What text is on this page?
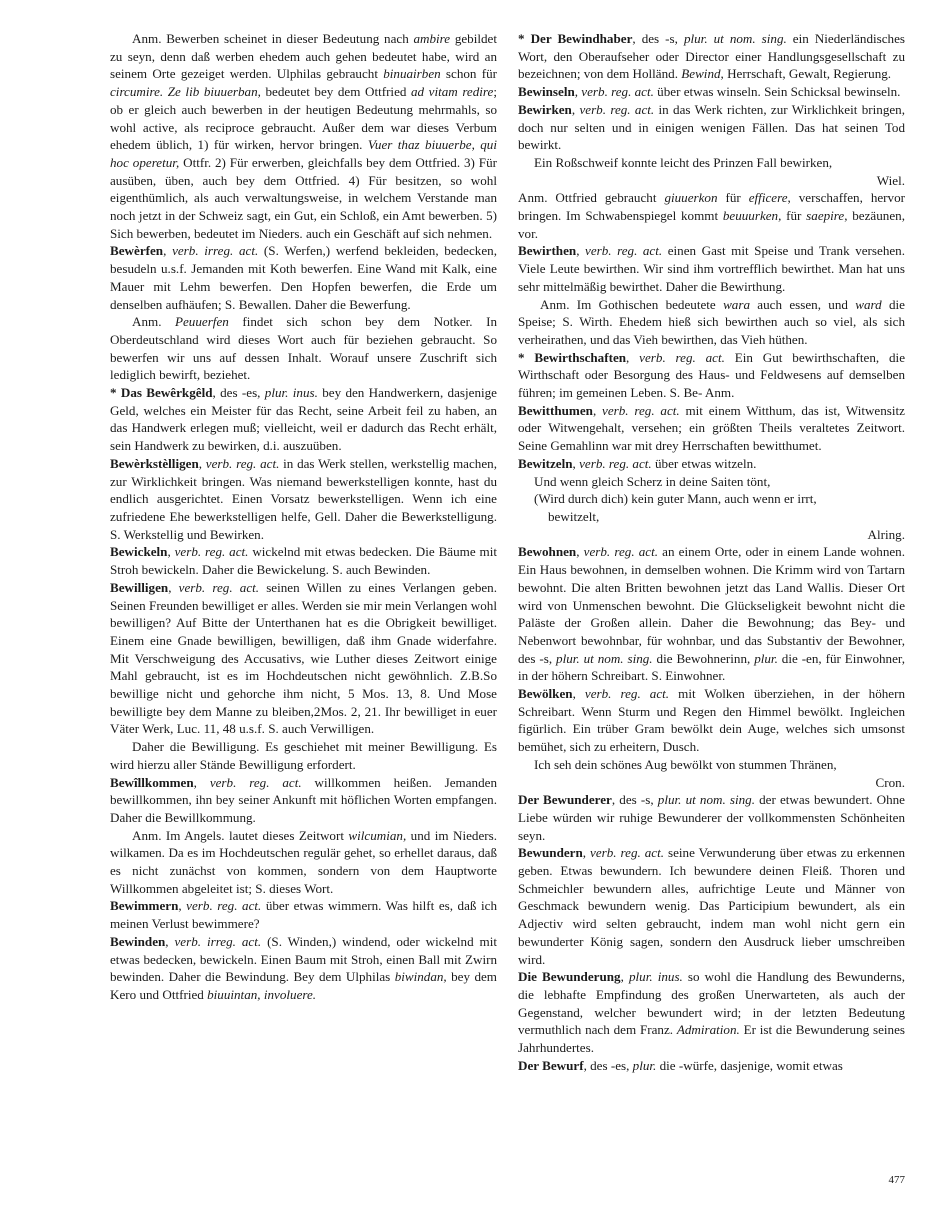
Anm. Bewerben scheinet in dieser Bedeutung nach ambire gebildet zu seyn, denn daß werben ehedem auch gehen bedeutet habe, wird an seinem Orte gezeiget werden. Ulphilas gebraucht binuairben schon für circumire. Ze lib biuuerban, bedeutet bey dem Ottfried ad vitam redire; ob er gleich auch bewerben in der heutigen Bedeutung mehrmahls, so wohl active, als reciproce gebraucht. Außer dem war dieses Verbum ehedem üblich, 1) für wirken, hervor bringen. Vuer thaz biuuerbe, qui hoc operetur, Ottfr. 2) Für erwerben, gleichfalls bey dem Ottfried. 3) Für ausüben, üben, auch bey dem Ottfried. 4) Für besitzen, so wohl eigenthümlich, als auch verwaltungsweise, in welchem Verstande man noch jetzt in der Schweiz sagt, ein Gut, ein Schloß, ein Amt bewerben. 5) Sich bewerben, bedeutet im Nieders. auch ein Geschäft auf sich nehmen.

Bewèrfen, verb. irreg. act. (S. Werfen,) werfend bekleiden, bedecken, besudeln u.s.f. Jemanden mit Koth bewerfen. Eine Wand mit Kalk, eine Mauer mit Lehm bewerfen. Den Hopfen bewerfen, die Erde um denselben aufhäufen; S. Bewallen. Daher die Bewerfung.

Anm. Peuuerfen findet sich schon bey dem Notker. In Oberdeutschland wird dieses Wort auch für beziehen gebraucht. So bewerfen wir uns auf dessen Inhalt. Worauf unsere Zuschrift sich lediglich bewirft, beziehet.

* Das Bewêrkgêld, des -es, plur. inus. bey den Handwerkern, dasjenige Geld, welches ein Meister für das Recht, seine Arbeit feil zu haben, an das Handwerk erlegen muß; vielleicht, weil er dadurch das Recht erhält, sein Handwerk zu bewirken, d.i. auszuüben.

Bewèrkstèlligen, verb. reg. act. in das Werk stellen, werkstellig machen, zur Wirklichkeit bringen. Was niemand bewerkstelligen konnte, hast du endlich ausgerichtet. Einen Vorsatz bewerkstelligen. Wenn ich eine zufriedene Ehe bewerkstelligen helfe, Gell. Daher die Bewerkstelligung. S. Werkstellig und Bewirken.

Bewickeln, verb. reg. act. wickelnd mit etwas bedecken. Die Bäume mit Stroh bewickeln. Daher die Bewickelung. S. auch Bewinden.

Bewilligen, verb. reg. act. seinen Willen zu eines Verlangen geben. Seinen Freunden bewilliget er alles. Werden sie mir mein Verlangen wohl bewilligen? Auf Bitte der Unterthanen hat es die Obrigkeit bewilliget. Einem eine Gnade bewilligen, bewilligen, daß ihm Gnade widerfahre. Mit Verschweigung des Accusativs, wie Luther dieses Zeitwort einige Mahl gebraucht, ist es im Hochdeutschen nicht gewöhnlich. Z.B.So bewillige nicht und gehorche ihm nicht, 5 Mos. 13, 8. Und Mose bewilligte bey dem Manne zu bleiben,2Mos. 2, 21. Ihr bewilliget in euer Väter Werk, Luc. 11, 48 u.s.f. S. auch Verwilligen.

Daher die Bewilligung. Es geschiehet mit meiner Bewilligung. Es wird hierzu aller Stände Bewilligung erfordert.

Bewîllkommen, verb. reg. act. willkommen heißen. Jemanden bewillkommen, ihn bey seiner Ankunft mit höflichen Worten empfangen. Daher die Bewillkommung.

Anm. Im Angels. lautet dieses Zeitwort wilcumian, und im Nieders. wilkamen. Da es im Hochdeutschen regulär gehet, so erhellet daraus, daß es nicht zunächst von kommen, sondern von dem Hauptworte Willkommen abgeleitet ist; S. dieses Wort.

Bewimmern, verb. reg. act. über etwas wimmern. Was hilft es, daß ich meinen Verlust bewimmere?

Bewinden, verb. irreg. act. (S. Winden,) windend, oder wickelnd mit etwas bedecken, bewickeln. Einen Baum mit Stroh, einen Ball mit Zwirn bewinden. Daher die Bewindung. Bey dem Ulphilas biwindan, bey dem Kero und Ottfried biuuintan, involuere.

* Der Bewindhaber, des -s, plur. ut nom. sing. ein Niederländisches Wort, den Oberaufseher oder Director einer Handlungsgesellschaft zu bezeichnen; von dem Holländ. Bewind, Herrschaft, Gewalt, Regierung.

Bewinseln, verb. reg. act. über etwas winseln. Sein Schicksal bewinseln.

Bewirken, verb. reg. act. in das Werk richten, zur Wirklichkeit bringen, doch nur selten und in einigen wenigen Fällen. Das hat seinen Tod bewirkt.

Ein Roßschweif konnte leicht des Prinzen Fall bewirken,

Wiel.

Anm. Ottfried gebraucht giuuerkon für efficere, verschaffen, hervor bringen. Im Schwabenspiegel kommt beuuurken, für saepire, bezäunen, vor.

Bewirthen, verb. reg. act. einen Gast mit Speise und Trank versehen. Viele Leute bewirthen. Wir sind ihm vortrefflich bewirthet. Man hat uns sehr mittelmäßig bewirthet. Daher die Bewirthung.

Anm. Im Gothischen bedeutete wara auch essen, und ward die Speise; S. Wirth. Ehedem hieß sich bewirthen auch so viel, als sich verheirathen, und das Vieh bewirthen, das Vieh hüthen.

* Bewirthschaften, verb. reg. act. Ein Gut bewirthschaften, die Wirthschaft oder Besorgung des Haus- und Feldwesens auf demselben führen; im gemeinen Leben. S. Be- Anm.

Bewitthumen, verb. reg. act. mit einem Witthum, das ist, Witwensitz oder Witwengehalt, versehen; ein größten Theils veraltetes Zeitwort. Seine Gemahlinn war mit drey Herrschaften bewitthumet.

Bewitzeln, verb. reg. act. über etwas witzeln.

Und wenn gleich Scherz in deine Saiten tönt,

(Wird durch dich) kein guter Mann, auch wenn er irrt,

bewitzelt,

Alring.

Bewohnen, verb. reg. act. an einem Orte, oder in einem Lande wohnen. Ein Haus bewohnen, in demselben wohnen. Die Krimm wird von Tartarn bewohnt. Die alten Britten bewohnen jetzt das Land Wallis. Dieser Ort wird von Unmenschen bewohnt. Die Glückseligkeit bewohnt nicht die Paläste der Großen allein. Daher die Bewohnung; das Bey- und Nebenwort bewohnbar, für wohnbar, und das Substantiv der Bewohner, des -s, plur. ut nom. sing. die Bewohnerinn, plur. die -en, für Einwohner, in der höhern Schreibart. S. Einwohner.

Bewölken, verb. reg. act. mit Wolken überziehen, in der höhern Schreibart. Wenn Sturm und Regen den Himmel bewölkt. Ingleichen figürlich. Ein trüber Gram bewölkt dein Auge, welches sich umsonst bemühet, sich zu erheitern, Dusch.

Ich seh dein schönes Aug bewölkt von stummen Thränen,

Cron.

Der Bewunderer, des -s, plur. ut nom. sing. der etwas bewundert. Ohne Liebe würden wir ruhige Bewunderer der vollkommensten Schönheiten seyn.

Bewundern, verb. reg. act. seine Verwunderung über etwas zu erkennen geben. Etwas bewundern. Ich bewundere deinen Fleiß. Thoren und Schmeichler bewundern alles, aufrichtige Leute und Männer von Geschmack bewundern wenig. Das Participium bewundert, als ein Adjectiv wird selten gebraucht, indem man wohl nicht gern ein bewunderter König sagen, sondern den Ausdruck lieber umschreiben wird.

Die Bewunderung, plur. inus. so wohl die Handlung des Bewunderns, die lebhafte Empfindung des großen Unerwarteten, als auch der Gegenstand, welcher bewundert wird; in der letzten Bedeutung vermuthlich nach dem Franz. Admiration. Er ist die Bewunderung seines Jahrhundertes.

Der Bewurf, des -es, plur. die -würfe, dasjenige, womit etwas

477
